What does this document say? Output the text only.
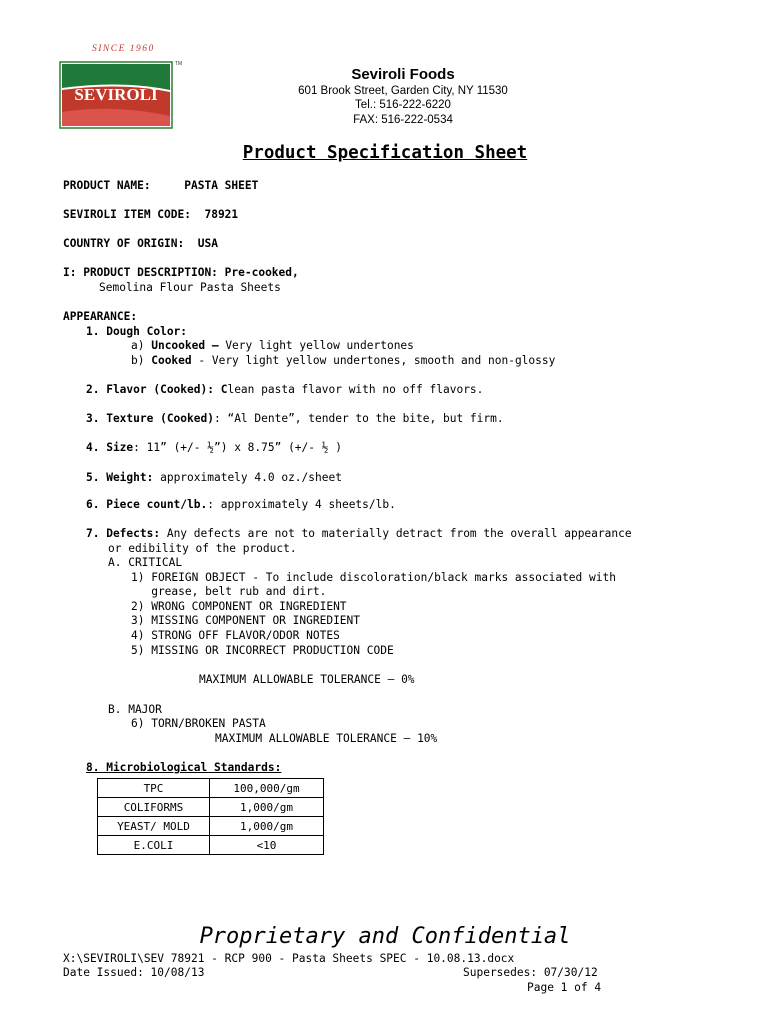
SINCE 1960
SEVIROLI
TM
Seviroli Foods
601 Brook Street, Garden City, NY 11530
Tel.: 516-222-6220
FAX: 516-222-0534
Product Specification Sheet
PRODUCT NAME:	PASTA SHEET
SEVIROLI ITEM CODE: 78921
COUNTRY OF ORIGIN: USA
I: PRODUCT DESCRIPTION: Pre-cooked,
Semolina Flour Pasta Sheets
APPEARANCE:
1. Dough Color:
a) Uncooked – Very light yellow undertones
b) Cooked - Very light yellow undertones, smooth and non-glossy
2. Flavor (Cooked): Clean pasta flavor with no off flavors.
3. Texture (Cooked): “Al Dente”, tender to the bite, but firm.
4. Size: 11” (+/- ½”) x 8.75” (+/- ½ )
5. Weight: approximately 4.0 oz./sheet
6. Piece count/lb.: approximately 4 sheets/lb.
7. Defects: Any defects are not to materially detract from the overall appearance
or edibility of the product.
A. CRITICAL
1) FOREIGN OBJECT - To include discoloration/black marks associated with
grease, belt rub and dirt.
2) WRONG COMPONENT OR INGREDIENT
3) MISSING COMPONENT OR INGREDIENT
4) STRONG OFF FLAVOR/ODOR NOTES
5) MISSING OR INCORRECT PRODUCTION CODE
MAXIMUM ALLOWABLE TOLERANCE – 0%
B. MAJOR
6) TORN/BROKEN PASTA
MAXIMUM ALLOWABLE TOLERANCE – 10%
8. Microbiological Standards:
TPC	100,000/gm
COLIFORMS	1,000/gm
YEAST/ MOLD	1,000/gm
E.COLI	<10
Proprietary and Confidential
X:\SEVIROLI\SEV 78921 - RCP 900 - Pasta Sheets SPEC - 10.08.13.docx
Date Issued: 10/08/13	Supersedes: 07/30/12
Page 1 of 4
